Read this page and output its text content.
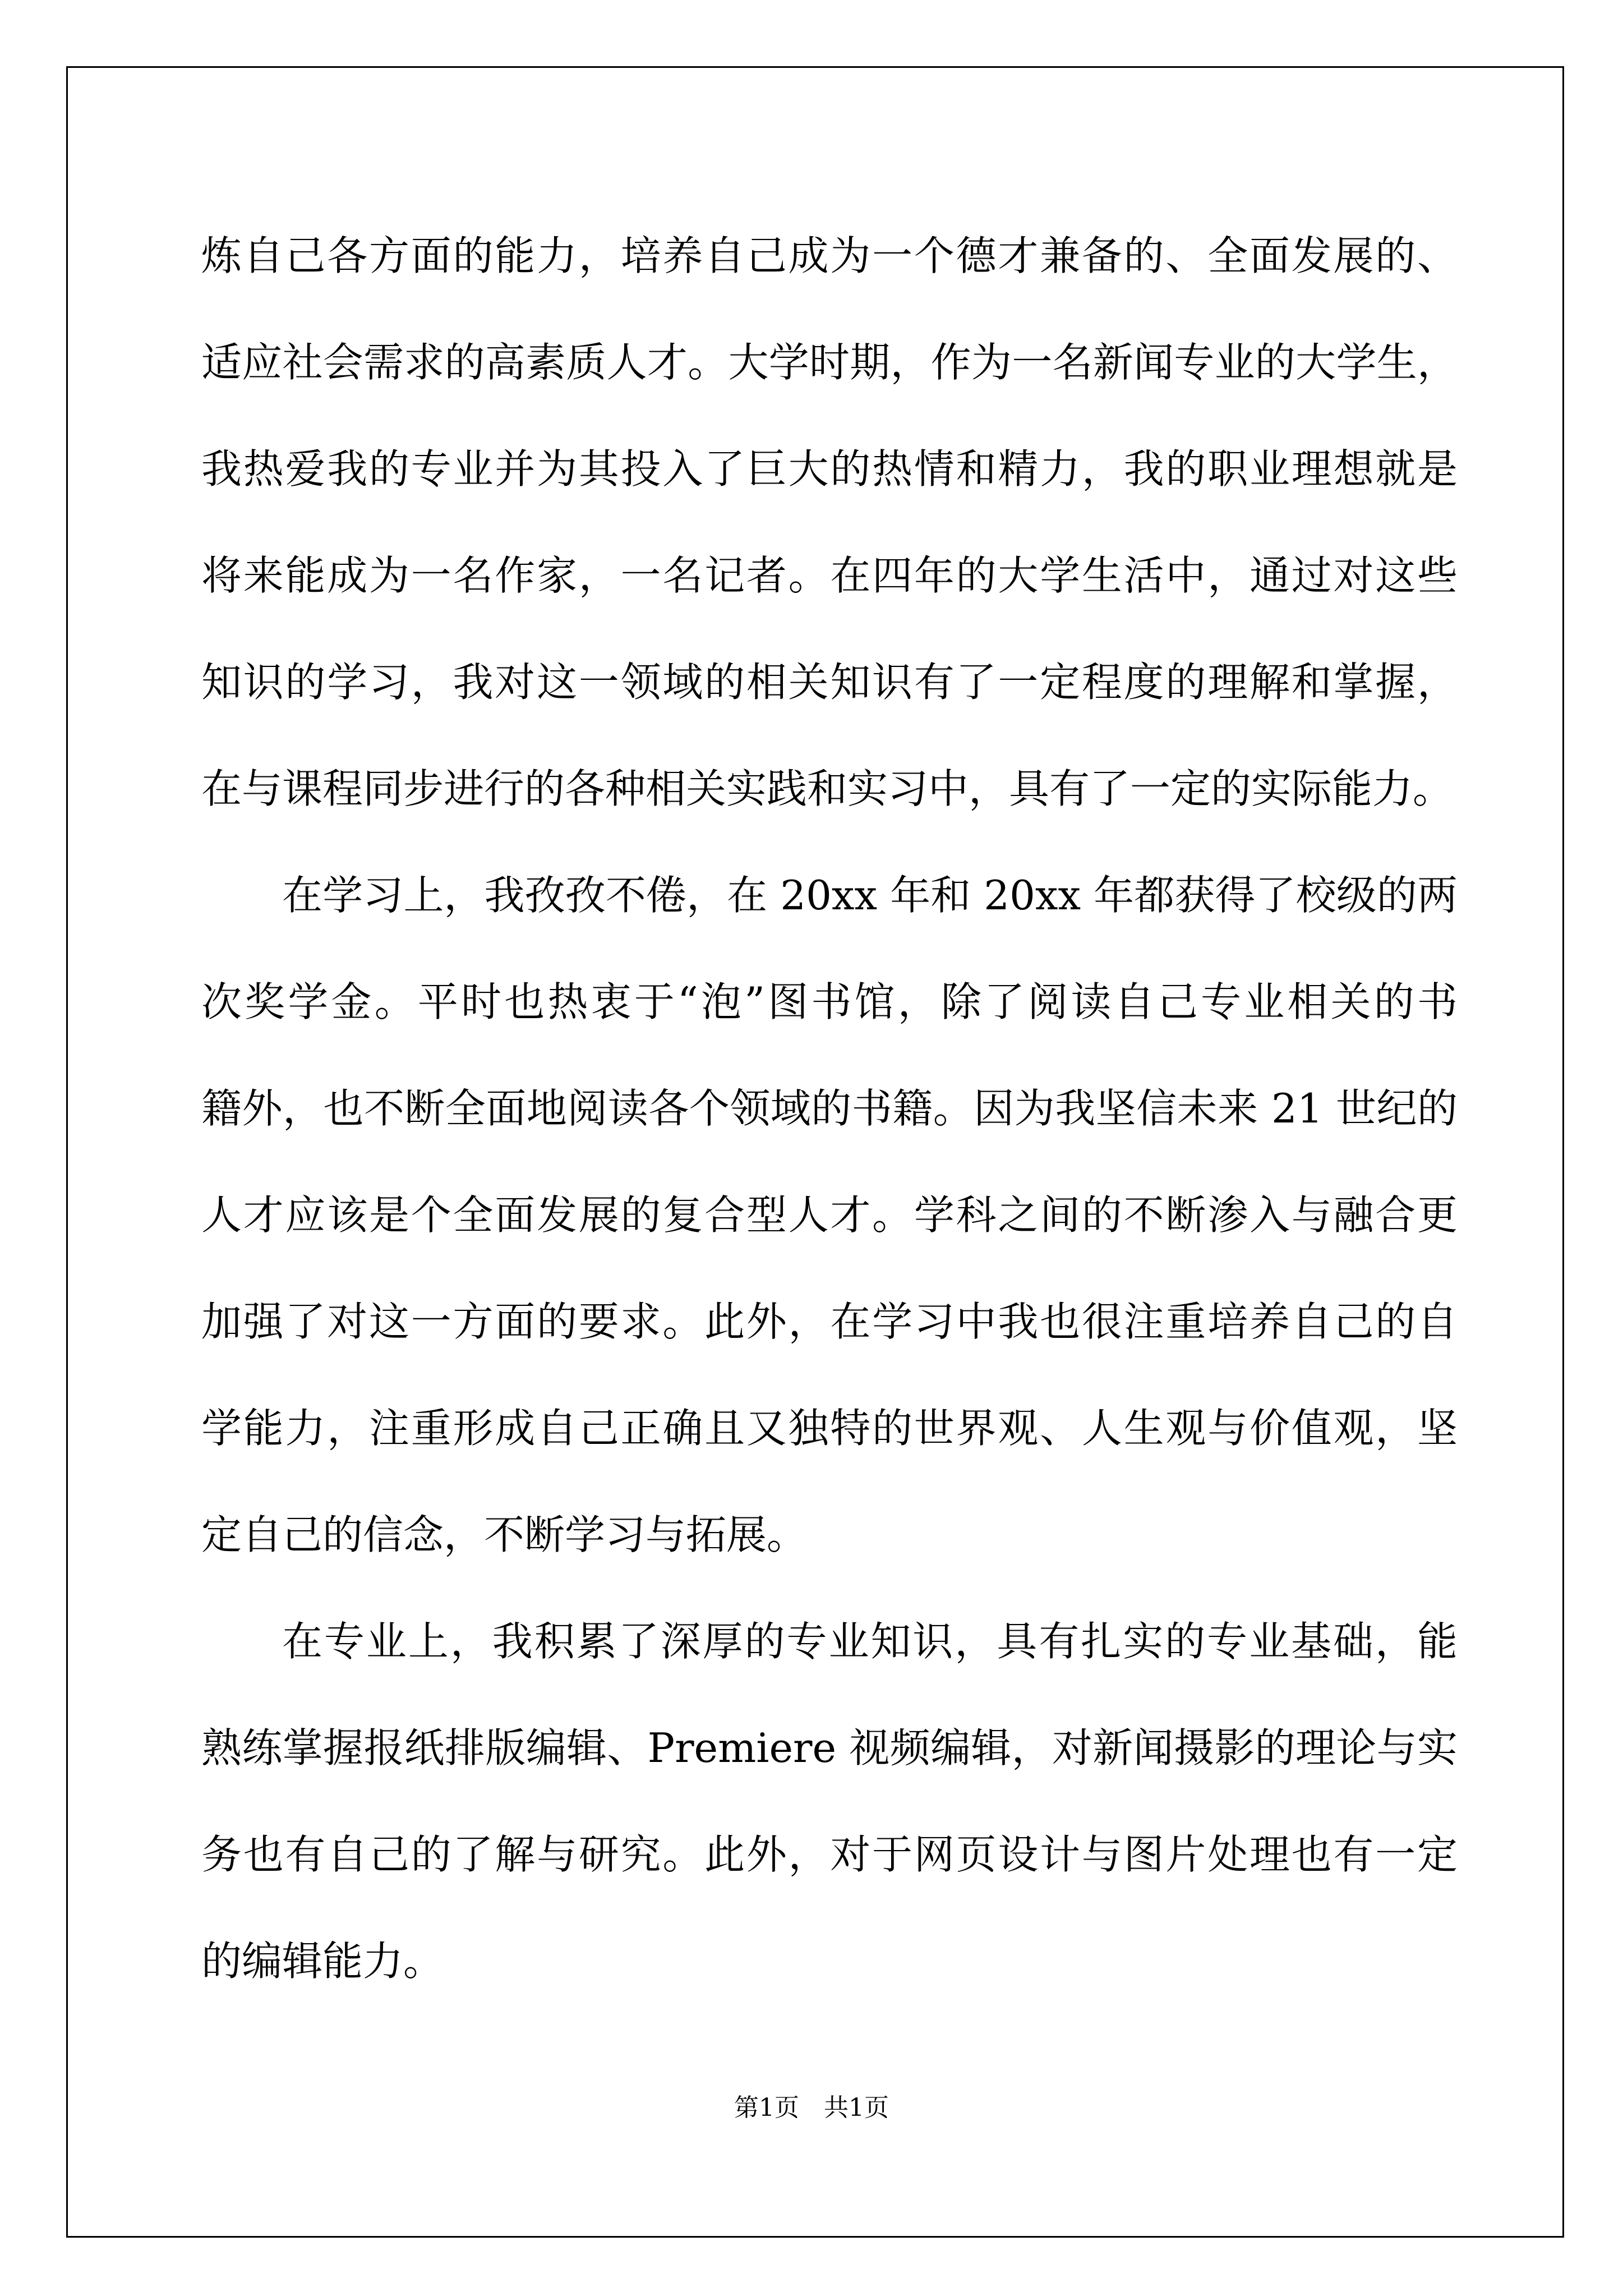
炼自己各方面的能力，培养自己成为一个德才兼备的、全面发展的、
适应社会需求的高素质人才。大学时期，作为一名新闻专业的大学生，
我热爱我的专业并为其投入了巨大的热情和精力，我的职业理想就是
将来能成为一名作家，一名记者。在四年的大学生活中，通过对这些
知识的学习，我对这一领域的相关知识有了一定程度的理解和掌握，
在与课程同步进行的各种相关实践和实习中，具有了一定的实际能力。
在学习上，我孜孜不倦，在 20xx 年和 20xx 年都获得了校级的两
次奖学金。平时也热衷于“泡”图书馆，除了阅读自己专业相关的书
籍外，也不断全面地阅读各个领域的书籍。因为我坚信未来 21 世纪的
人才应该是个全面发展的复合型人才。学科之间的不断渗入与融合更
加强了对这一方面的要求。此外，在学习中我也很注重培养自己的自
学能力，注重形成自己正确且又独特的世界观、人生观与价值观，坚
定自己的信念，不断学习与拓展。
在专业上，我积累了深厚的专业知识，具有扎实的专业基础，能
熟练掌握报纸排版编辑、Premiere 视频编辑，对新闻摄影的理论与实
务也有自己的了解与研究。此外，对于网页设计与图片处理也有一定
的编辑能力。
第1页　共1页
